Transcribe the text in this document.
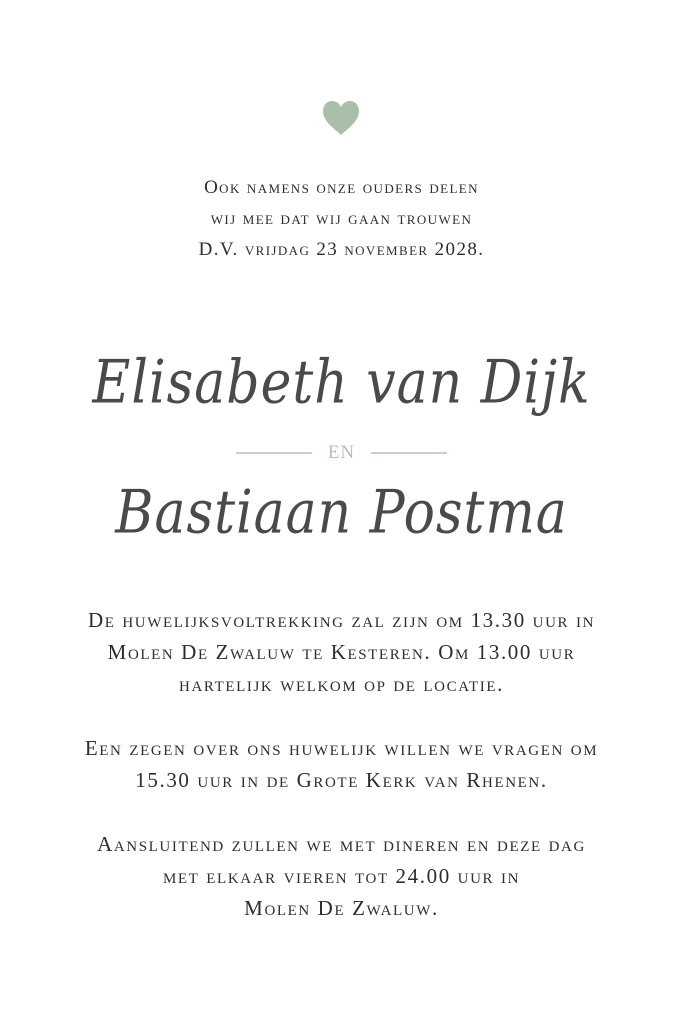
Ook namens onze ouders delen
wij mee dat wij gaan trouwen
D.V. vrijdag 23 november 2028.

Elisabeth van Dijk
EN
Bastiaan Postma

De huwelijksvoltrekking zal zijn om 13.30 uur in
Molen De Zwaluw te Kesteren. Om 13.00 uur
hartelijk welkom op de locatie.

Een zegen over ons huwelijk willen we vragen om
15.30 uur in de Grote Kerk van Rhenen.

Aansluitend zullen we met dineren en deze dag
met elkaar vieren tot 24.00 uur in
Molen De Zwaluw.
